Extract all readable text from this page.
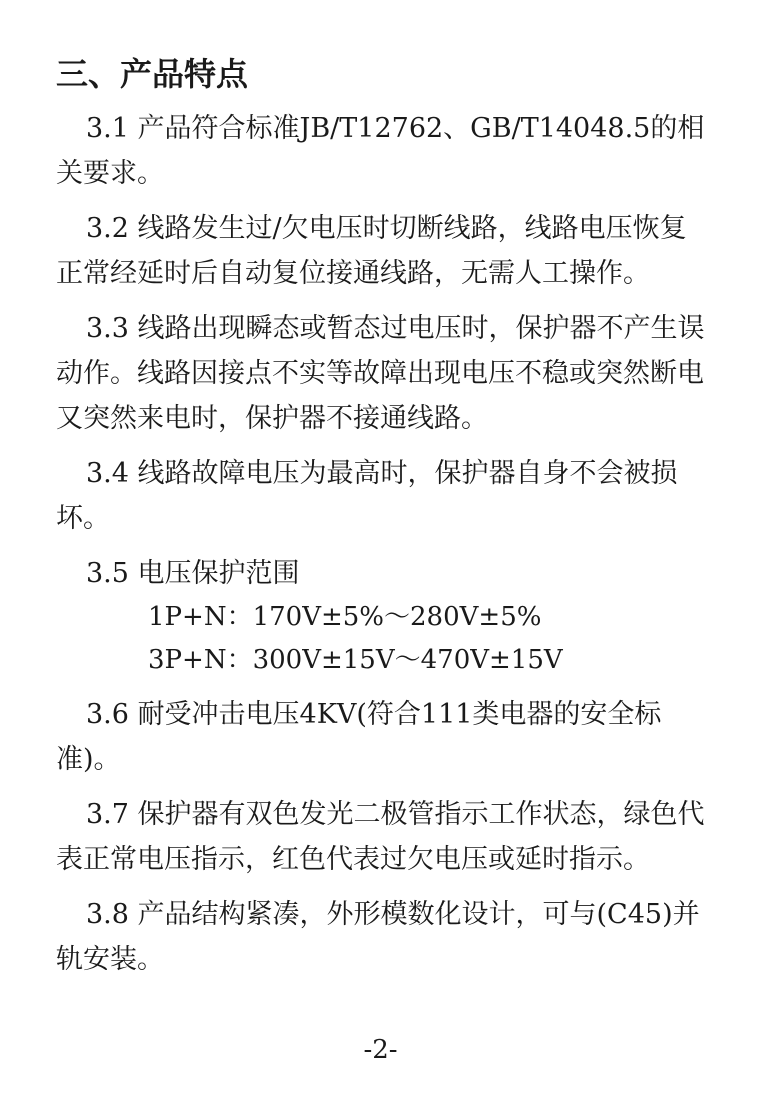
三、产品特点

3.1 产品符合标准JB/T12762、GB/T14048.5的相关要求。

3.2 线路发生过/欠电压时切断线路，线路电压恢复正常经延时后自动复位接通线路，无需人工操作。

3.3 线路出现瞬态或暂态过电压时，保护器不产生误动作。线路因接点不实等故障出现电压不稳或突然断电又突然来电时，保护器不接通线路。

3.4 线路故障电压为最高时，保护器自身不会被损坏。

3.5 电压保护范围

1P+N：170V±5%～280V±5%

3P+N：300V±15V～470V±15V

3.6 耐受冲击电压4KV(符合111类电器的安全标准)。

3.7 保护器有双色发光二极管指示工作状态，绿色代表正常电压指示，红色代表过欠电压或延时指示。

3.8 产品结构紧凑，外形模数化设计，可与(C45)并轨安装。

-2-
